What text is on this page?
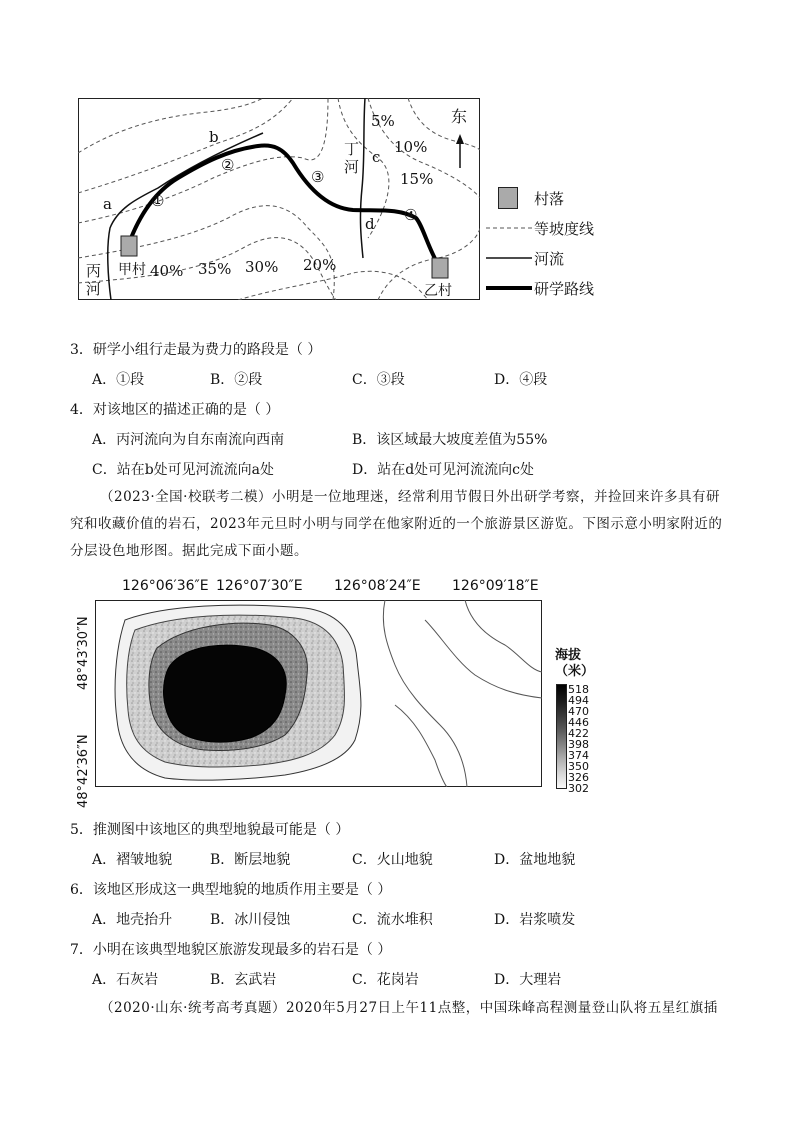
5%
10%
15%
20%
30%
35%
40%
a
b
c
d
①
②
③
④
丁河
丙河
甲村
乙村
东
村落
等坡度线
河流
研学路线
3．研学小组行走最为费力的路段是（ ）
A．①段	B．②段	C．③段	D．④段
4．对该地区的描述正确的是（ ）
A．丙河流向为自东南流向西南	B．该区域最大坡度差值为55%
C．站在b处可见河流流向a处	D．站在d处可见河流流向c处
（2023·全国·校联考二模）小明是一位地理迷，经常利用节假日外出研学考察，并捡回来许多具有研
究和收藏价值的岩石，2023年元旦时小明与同学在他家附近的一个旅游景区游览。下图示意小明家附近的
分层设色地形图。据此完成下面小题。
126°06′36″E 126°07′30″E 126°08′24″E 126°09′18″E
48°43′30″N
48°42′36″N
海拔（米）
518
494
470
446
422
398
374
350
326
302
5．推测图中该地区的典型地貌最可能是（ ）
A．褶皱地貌	B．断层地貌	C．火山地貌	D．盆地地貌
6．该地区形成这一典型地貌的地质作用主要是（ ）
A．地壳抬升	B．冰川侵蚀	C．流水堆积	D．岩浆喷发
7．小明在该典型地貌区旅游发现最多的岩石是（ ）
A．石灰岩	B．玄武岩	C．花岗岩	D．大理岩
（2020·山东·统考高考真题）2020年5月27日上午11点整，中国珠峰高程测量登山队将五星红旗插
